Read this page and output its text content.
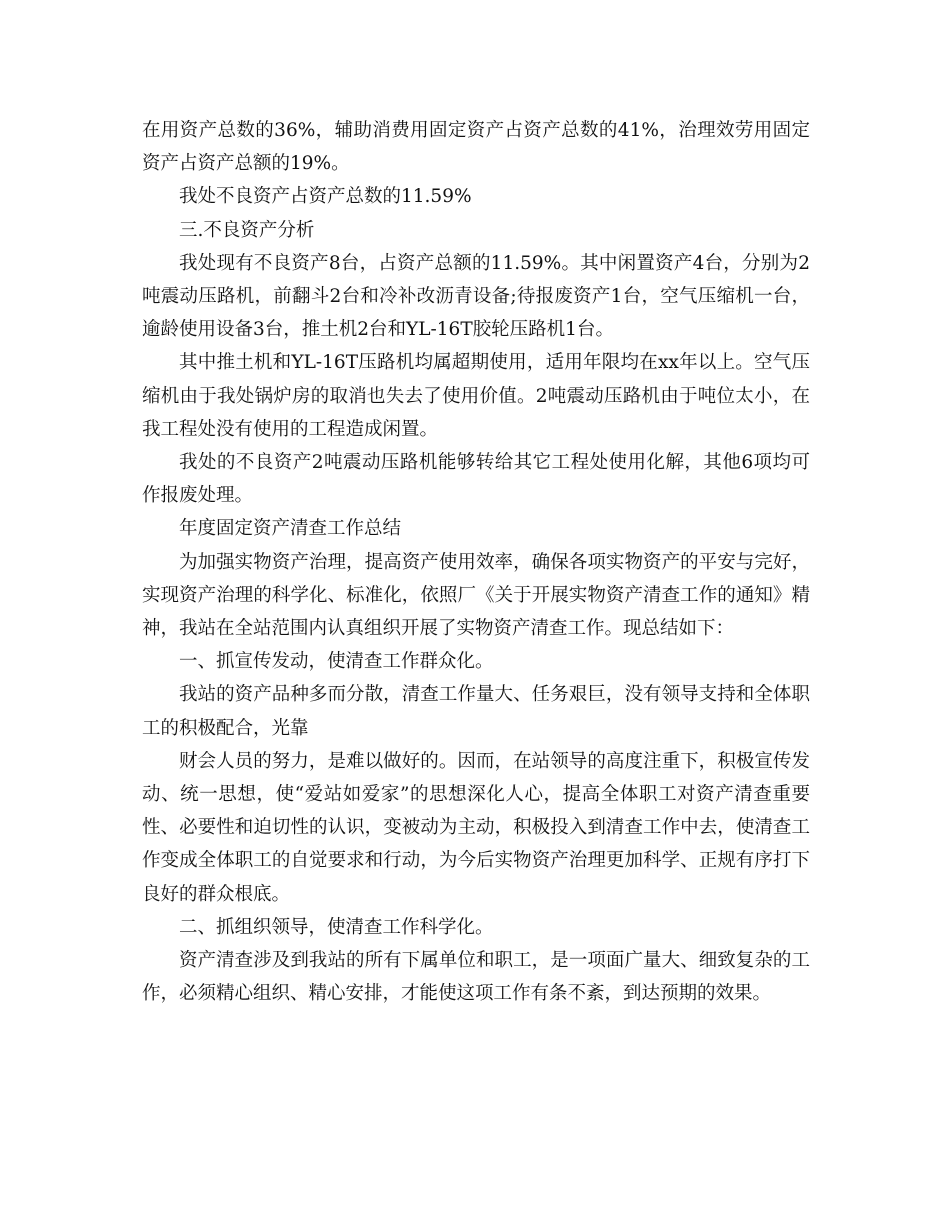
在用资产总数的36%，辅助消费用固定资产占资产总数的41%，治理效劳用固定资产占资产总额的19%。

我处不良资产占资产总数的11.59%

三.不良资产分析

我处现有不良资产8台，占资产总额的11.59%。其中闲置资产4台，分别为2吨震动压路机，前翻斗2台和冷补改沥青设备;待报废资产1台，空气压缩机一台，逾龄使用设备3台，推土机2台和YL-16T胶轮压路机1台。

其中推土机和YL-16T压路机均属超期使用，适用年限均在xx年以上。空气压缩机由于我处锅炉房的取消也失去了使用价值。2吨震动压路机由于吨位太小，在我工程处没有使用的工程造成闲置。

我处的不良资产2吨震动压路机能够转给其它工程处使用化解，其他6项均可作报废处理。

年度固定资产清查工作总结

为加强实物资产治理，提高资产使用效率，确保各项实物资产的平安与完好，实现资产治理的科学化、标准化，依照厂《关于开展实物资产清查工作的通知》精神，我站在全站范围内认真组织开展了实物资产清查工作。现总结如下：

一、抓宣传发动，使清查工作群众化。

我站的资产品种多而分散，清查工作量大、任务艰巨，没有领导支持和全体职工的积极配合，光靠

财会人员的努力，是难以做好的。因而，在站领导的高度注重下，积极宣传发动、统一思想，使“爱站如爱家”的思想深化人心，提高全体职工对资产清查重要性、必要性和迫切性的认识，变被动为主动，积极投入到清查工作中去，使清查工作变成全体职工的自觉要求和行动，为今后实物资产治理更加科学、正规有序打下良好的群众根底。

二、抓组织领导，使清查工作科学化。

资产清查涉及到我站的所有下属单位和职工，是一项面广量大、细致复杂的工作，必须精心组织、精心安排，才能使这项工作有条不紊，到达预期的效果。
